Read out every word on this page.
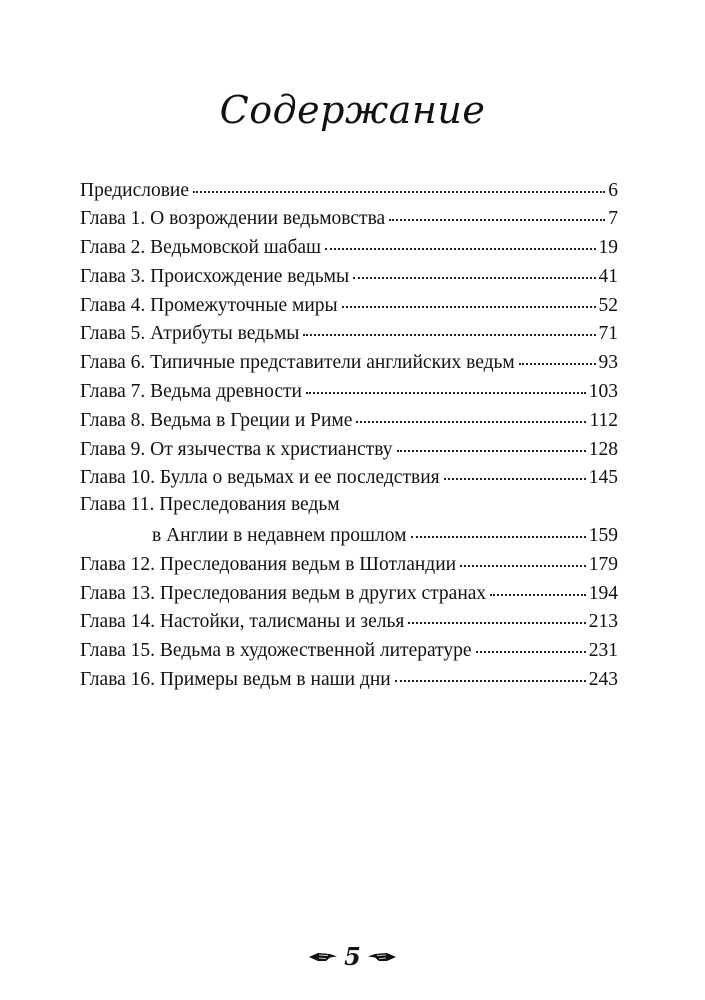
Содержание
Предисловие	6
Глава 1. О возрождении ведьмовства	7
Глава 2. Ведьмовской шабаш	19
Глава 3. Происхождение ведьмы	41
Глава 4. Промежуточные миры	52
Глава 5. Атрибуты ведьмы	71
Глава 6. Типичные представители английских ведьм	93
Глава 7. Ведьма древности	103
Глава 8. Ведьма в Греции и Риме	112
Глава 9. От язычества к христианству	128
Глава 10. Булла о ведьмах и ее последствия	145
Глава 11. Преследования ведьм
в Англии в недавнем прошлом	159
Глава 12. Преследования ведьм в Шотландии	179
Глава 13. Преследования ведьм в других странах	194
Глава 14. Настойки, талисманы и зелья	213
Глава 15. Ведьма в художественной литературе	231
Глава 16. Примеры ведьм в наши дни	243
5
